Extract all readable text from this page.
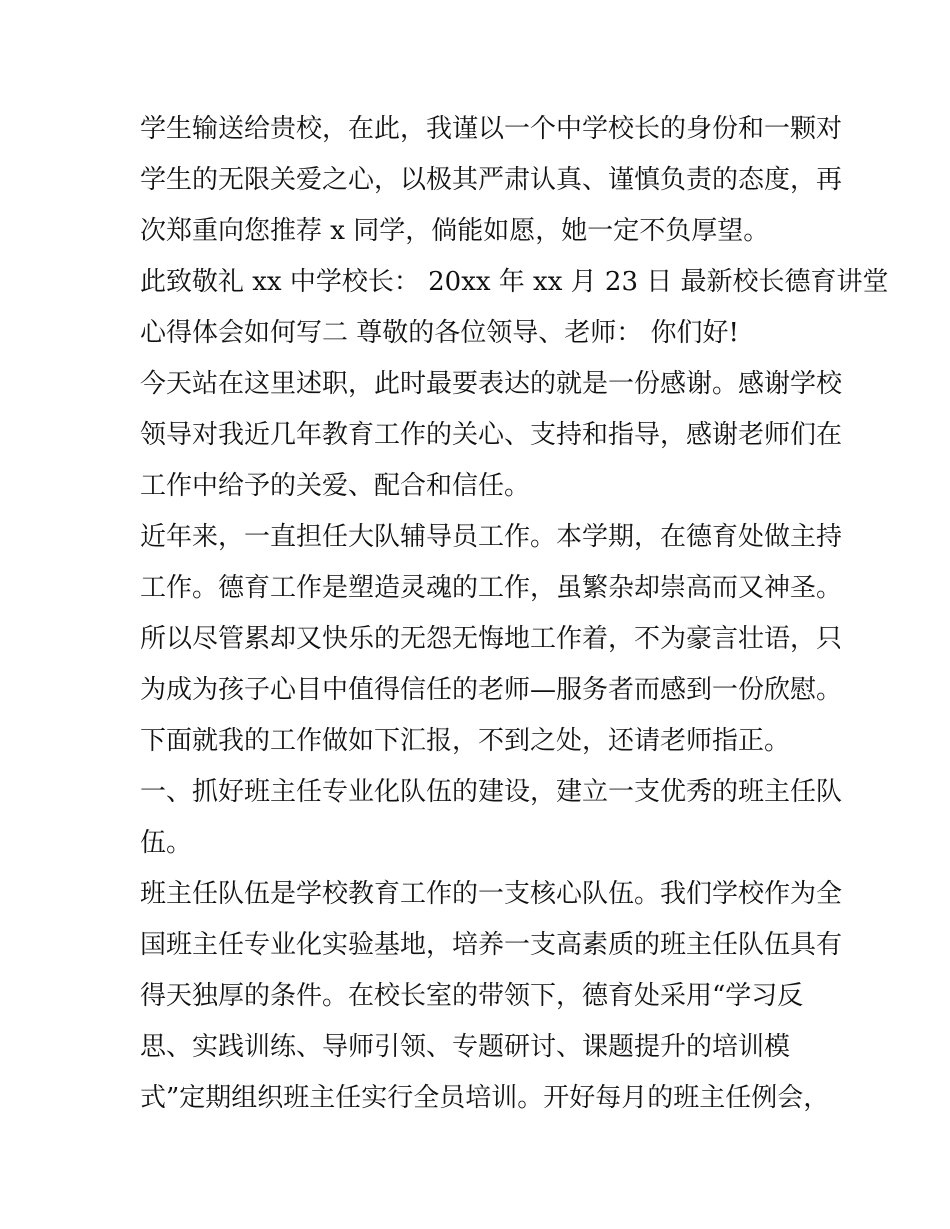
学生输送给贵校，在此，我谨以一个中学校长的身份和一颗对
学生的无限关爱之心，以极其严肃认真、谨慎负责的态度，再
次郑重向您推荐 x 同学，倘能如愿，她一定不负厚望。
此致敬礼 xx 中学校长： 20xx 年 xx 月 23 日 最新校长德育讲堂
心得体会如何写二 尊敬的各位领导、老师： 你们好!
今天站在这里述职，此时最要表达的就是一份感谢。感谢学校
领导对我近几年教育工作的关心、支持和指导，感谢老师们在
工作中给予的关爱、配合和信任。
近年来，一直担任大队辅导员工作。本学期，在德育处做主持
工作。德育工作是塑造灵魂的工作，虽繁杂却崇高而又神圣。
所以尽管累却又快乐的无怨无悔地工作着，不为豪言壮语，只
为成为孩子心目中值得信任的老师—服务者而感到一份欣慰。
下面就我的工作做如下汇报，不到之处，还请老师指正。
一、抓好班主任专业化队伍的建设，建立一支优秀的班主任队
伍。
班主任队伍是学校教育工作的一支核心队伍。我们学校作为全
国班主任专业化实验基地，培养一支高素质的班主任队伍具有
得天独厚的条件。在校长室的带领下，德育处采用“学习反
思、实践训练、导师引领、专题研讨、课题提升的培训模
式”定期组织班主任实行全员培训。开好每月的班主任例会，
